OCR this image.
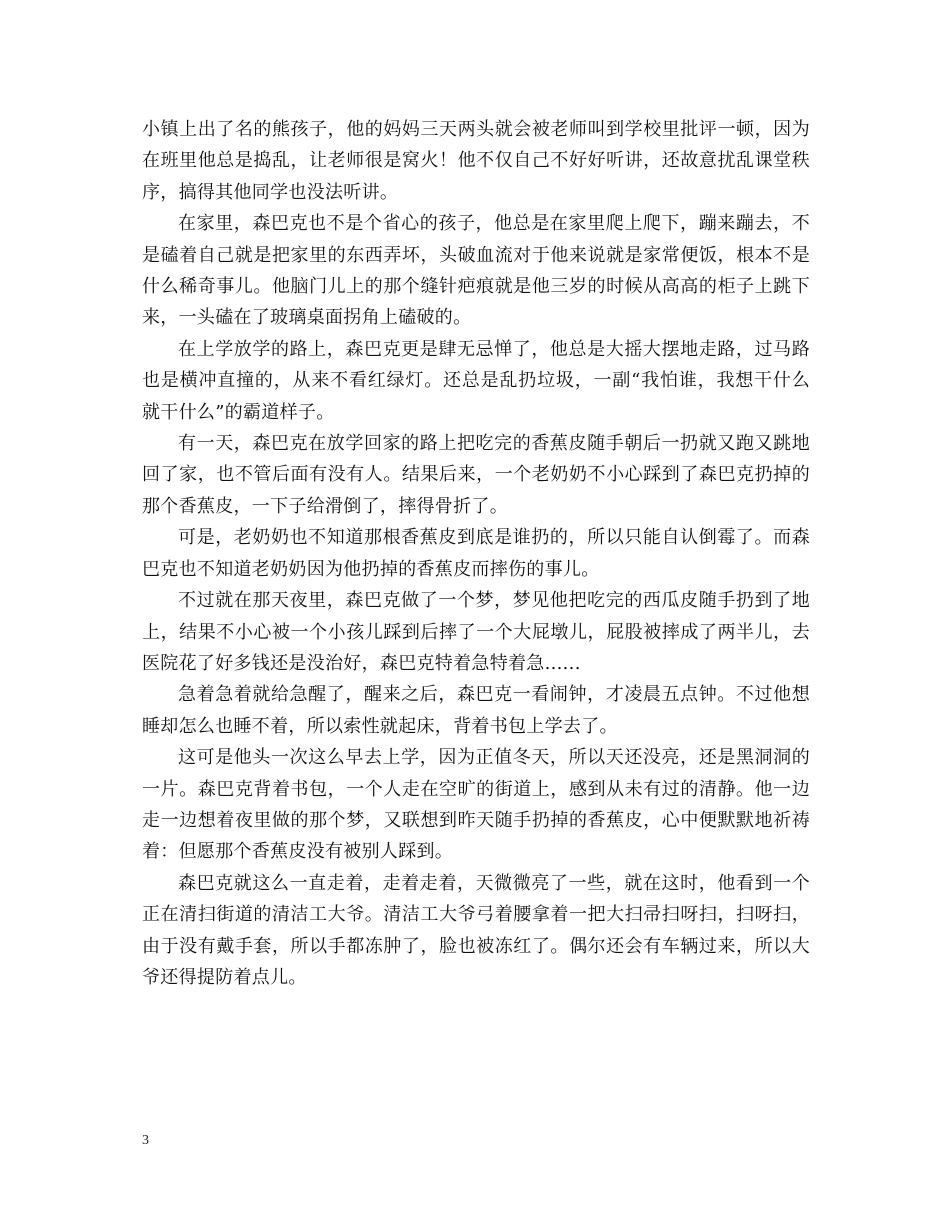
小镇上出了名的熊孩子，他的妈妈三天两头就会被老师叫到学校里批评一顿，因为在班里他总是捣乱，让老师很是窝火！他不仅自己不好好听讲，还故意扰乱课堂秩序，搞得其他同学也没法听讲。

在家里，森巴克也不是个省心的孩子，他总是在家里爬上爬下，蹦来蹦去，不是磕着自己就是把家里的东西弄坏，头破血流对于他来说就是家常便饭，根本不是什么稀奇事儿。他脑门儿上的那个缝针疤痕就是他三岁的时候从高高的柜子上跳下来，一头磕在了玻璃桌面拐角上磕破的。

在上学放学的路上，森巴克更是肆无忌惮了，他总是大摇大摆地走路，过马路也是横冲直撞的，从来不看红绿灯。还总是乱扔垃圾，一副“我怕谁，我想干什么就干什么”的霸道样子。

有一天，森巴克在放学回家的路上把吃完的香蕉皮随手朝后一扔就又跑又跳地回了家，也不管后面有没有人。结果后来，一个老奶奶不小心踩到了森巴克扔掉的那个香蕉皮，一下子给滑倒了，摔得骨折了。

可是，老奶奶也不知道那根香蕉皮到底是谁扔的，所以只能自认倒霉了。而森巴克也不知道老奶奶因为他扔掉的香蕉皮而摔伤的事儿。

不过就在那天夜里，森巴克做了一个梦，梦见他把吃完的西瓜皮随手扔到了地上，结果不小心被一个小孩儿踩到后摔了一个大屁墩儿，屁股被摔成了两半儿，去医院花了好多钱还是没治好，森巴克特着急特着急......

急着急着就给急醒了，醒来之后，森巴克一看闹钟，才凌晨五点钟。不过他想睡却怎么也睡不着，所以索性就起床，背着书包上学去了。

这可是他头一次这么早去上学，因为正值冬天，所以天还没亮，还是黑洞洞的一片。森巴克背着书包，一个人走在空旷的街道上，感到从未有过的清静。他一边走一边想着夜里做的那个梦，又联想到昨天随手扔掉的香蕉皮，心中便默默地祈祷着：但愿那个香蕉皮没有被别人踩到。

森巴克就这么一直走着，走着走着，天微微亮了一些，就在这时，他看到一个正在清扫街道的清洁工大爷。清洁工大爷弓着腰拿着一把大扫帚扫呀扫，扫呀扫，由于没有戴手套，所以手都冻肿了，脸也被冻红了。偶尔还会有车辆过来，所以大爷还得提防着点儿。

3
